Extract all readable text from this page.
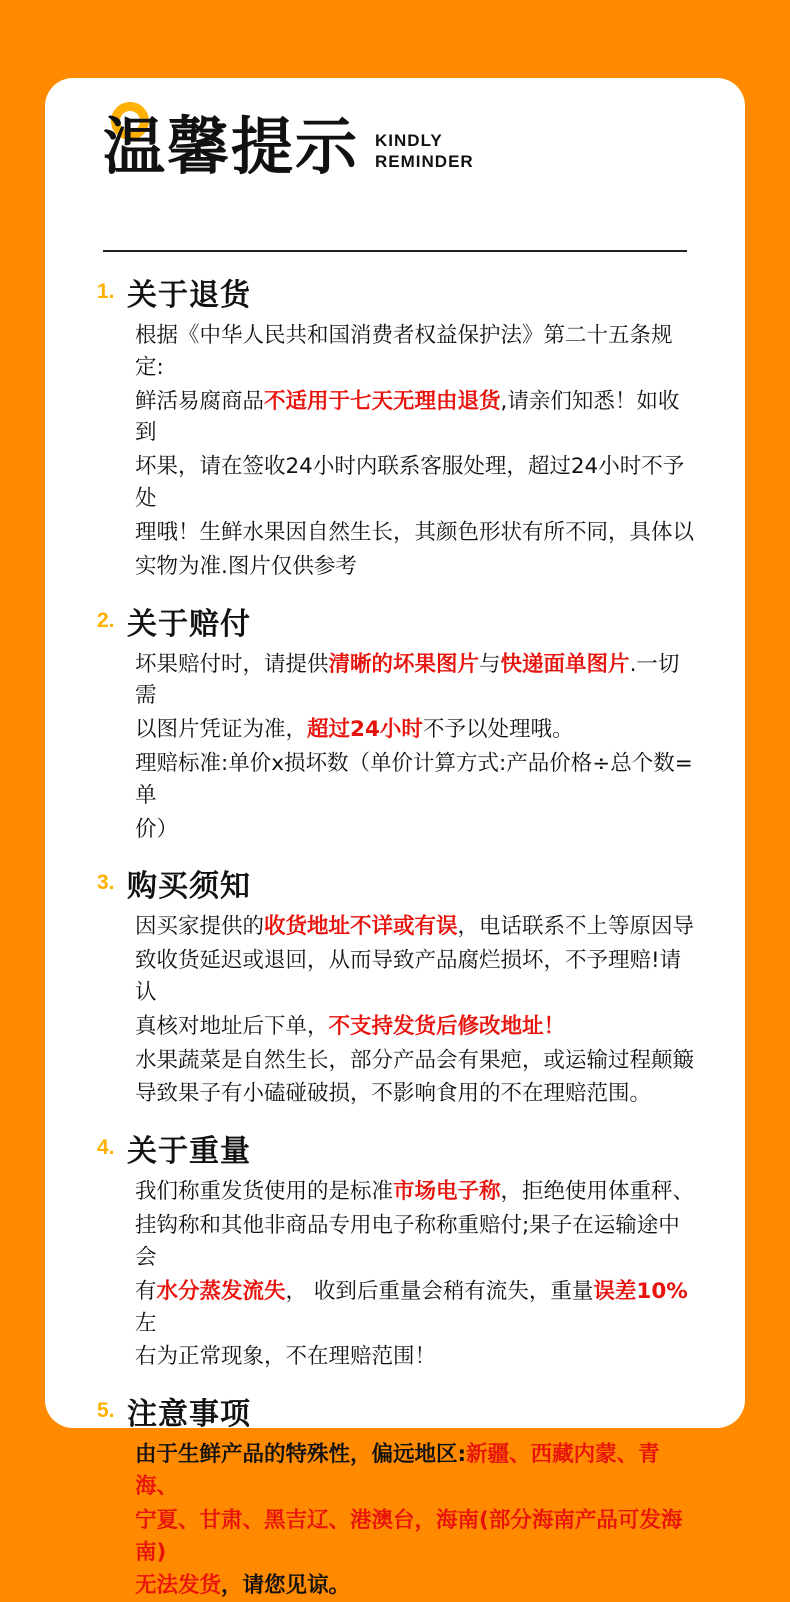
温馨提示 KINDLY
REMINDER
1. 关于退货

根据《中华人民共和国消费者权益保护法》第二十五条规定:

鲜活易腐商品不适用于七天无理由退货,请亲们知悉！如收到

坏果，请在签收24小时内联系客服处理，超过24小时不予处

理哦！生鲜水果因自然生长，其颜色形状有所不同，具体以

实物为准.图片仅供参考

2. 关于赔付

坏果赔付时，请提供清晰的坏果图片与快递面单图片.一切需

以图片凭证为准，超过24小时不予以处理哦。

理赔标准:单价x损坏数（单价计算方式:产品价格÷总个数=单

价）

3. 购买须知

因买家提供的收货地址不详或有误，电话联系不上等原因导

致收货延迟或退回，从而导致产品腐烂损坏，不予理赔!请认

真核对地址后下单，不支持发货后修改地址！

水果蔬菜是自然生长，部分产品会有果疤，或运输过程颠簸

导致果子有小磕碰破损，不影响食用的不在理赔范围。

4. 关于重量

我们称重发货使用的是标准市场电子称，拒绝使用体重秤、

挂钩称和其他非商品专用电子称称重赔付;果子在运输途中会

有水分蒸发流失， 收到后重量会稍有流失，重量误差10%左

右为正常现象，不在理赔范围！

5. 注意事项

由于生鲜产品的特殊性，偏远地区:新疆、西藏内蒙、青海、

宁夏、甘肃、黑吉辽、港澳台，海南(部分海南产品可发海南)

无法发货，请您见谅。
